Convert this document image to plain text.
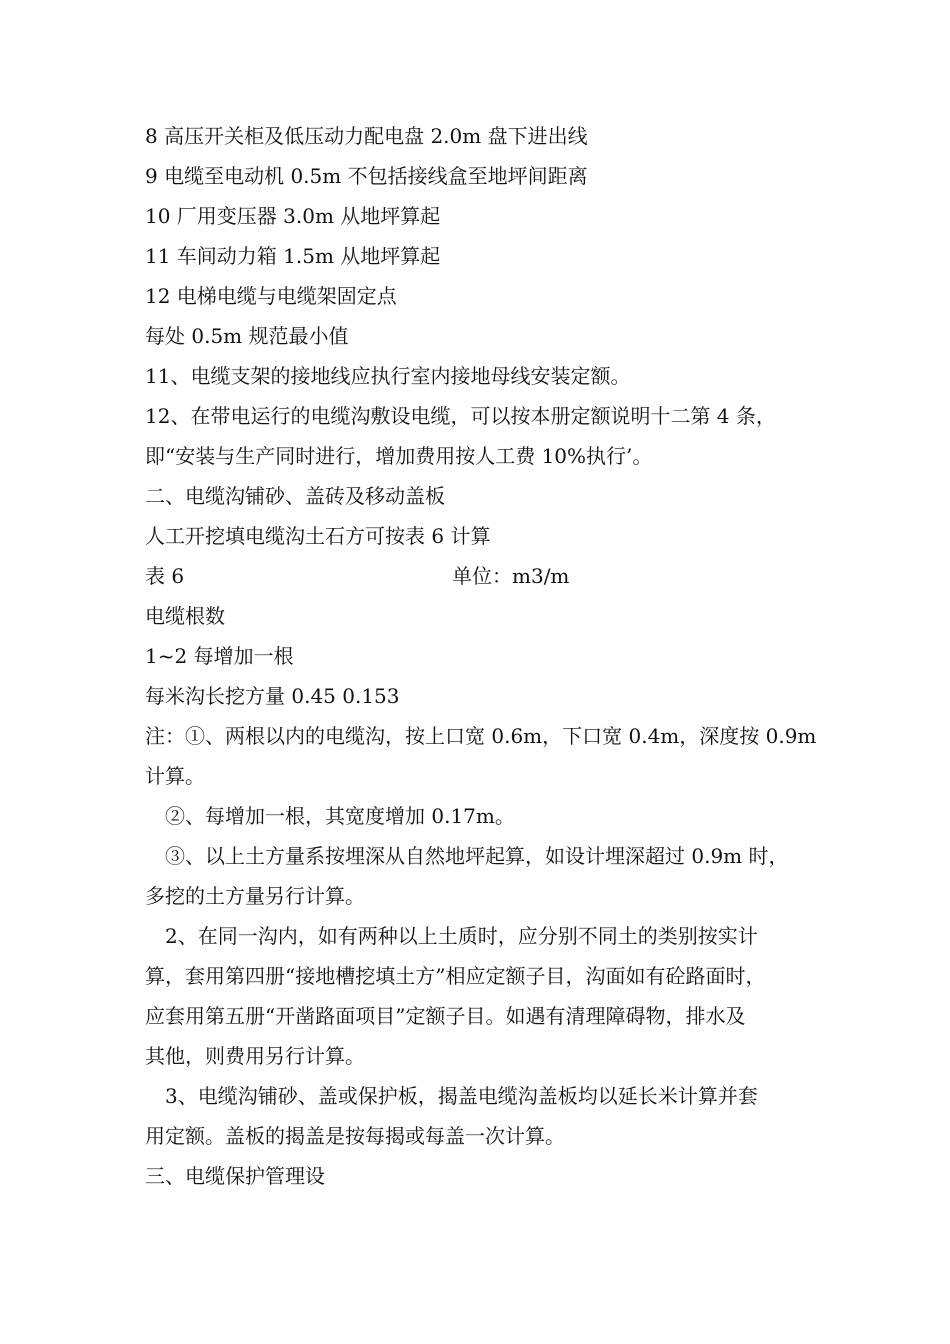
8 高压开关柜及低压动力配电盘 2.0m 盘下进出线
9 电缆至电动机 0.5m 不包括接线盒至地坪间距离
10 厂用变压器 3.0m 从地坪算起
11 车间动力箱 1.5m 从地坪算起
12 电梯电缆与电缆架固定点
每处 0.5m 规范最小值
11、电缆支架的接地线应执行室内接地母线安装定额。
12、在带电运行的电缆沟敷设电缆，可以按本册定额说明十二第 4 条，
即“安装与生产同时进行，增加费用按人工费 10%执行’。
二、电缆沟铺砂、盖砖及移动盖板
人工开挖填电缆沟土石方可按表 6 计算
表 6	单位：m3/m
电缆根数
1~2 每增加一根
每米沟长挖方量 0.45 0.153
注：①、两根以内的电缆沟，按上口宽 0.6m，下口宽 0.4m，深度按 0.9m
计算。
②、每增加一根，其宽度增加 0.17m。
③、以上土方量系按埋深从自然地坪起算，如设计埋深超过 0.9m 时，
多挖的土方量另行计算。
2、在同一沟内，如有两种以上土质时，应分别不同土的类别按实计
算，套用第四册“接地槽挖填土方”相应定额子目，沟面如有砼路面时，
应套用第五册“开凿路面项目”定额子目。如遇有清理障碍物，排水及
其他，则费用另行计算。
3、电缆沟铺砂、盖或保护板，揭盖电缆沟盖板均以延长米计算并套
用定额。盖板的揭盖是按每揭或每盖一次计算。
三、电缆保护管理设
